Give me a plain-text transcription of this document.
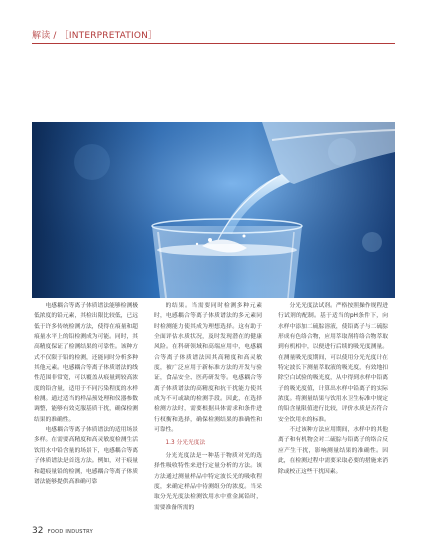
解读 / ［INTERPRETATION］

电感耦合等离子体质谱法能够检测极低浓度的铅元素，其检出限比较低，已远低于许多传统检测方法，使得在痕量和超痕量水平上的铅检测成为可能。同时，其高精度保证了检测结果的可靠性。该种方式不仅限于铅的检测，还能同时分析多种其他元素。电感耦合等离子体质谱法的线性范围非常宽，可以覆盖从痕量到较高浓度的铅含量，适用于不同污染程度的水样检测。通过适当的样品预处理和仪器参数调整，能够有效克服基质干扰，确保检测结果的准确性。

电感耦合等离子体质谱法的适用场景多样。在需要高精度和高灵敏度检测生活饮用水中铅含量的场景下，电感耦合等离子体质谱法是首选方法。例如，对于痕量和超痕量铅的检测，电感耦合等离子体质谱法能够提供高准确可靠

的结果。当需要同时检测多种元素时，电感耦合等离子体质谱法的多元素同时检测能力使其成为理想选择。这有助于全面评估水质状况，及时发现潜在的健康风险。在科研领域和高端应用中，电感耦合等离子体质谱法因其高精度和高灵敏度，被广泛应用于新标准方法的开发与验证，食品安全、医药研发等。电感耦合等离子体质谱法的高精度和抗干扰能力使其成为不可或缺的检测手段。因此，在选择检测方法时，需要根据具体需求和条件进行权衡和选择，确保检测结果的准确性和可靠性。

1.3 分光光度法

分光光度法是一种基于物质对光的选择性吸收特性来进行定量分析的方法。该方法通过测量样品中特定波长光的吸收程度，来确定样品中待测组分的浓度。当采取分光光度法检测饮用水中重金属铅时，需要准备所需的

分光光度法试剂。严格按照操作规程进行试剂的配制。基于适当的pH条件下，向水样中添加二硫腙溶液，使铅离子与二硫腙形成有色络合物，应用萃取剂将络合物萃取到有机相中，以便进行后续的吸光度测量。在测量吸光度期间，可以使用分光光度计在特定波长下测量萃取液的吸光度，有效地扣除空白试验的吸光度，从中得到水样中铅离子的吸光度值，计算出水样中铅离子的实际浓度。将测量结果与饮用水卫生标准中规定的铅含量限值进行比较，评价水质是否符合安全饮用水的标准。

不过该种方法应用期间，水样中的其他离子和有机物会对二硫腙与铅离子的络合反应产生干扰，影响测量结果的准确性。因此，在检测过程中需要采取必要的措施来消除或校正这些干扰因素。

32 FOOD INDUSTRY
